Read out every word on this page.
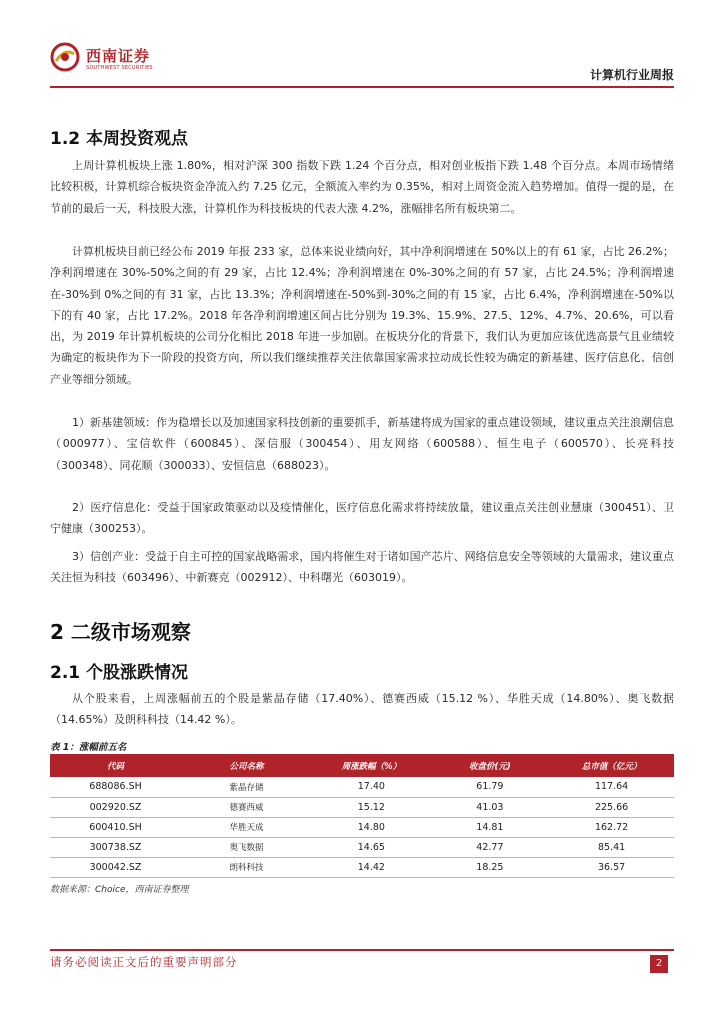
西南证券
SOUTHWEST SECURITIES	计算机行业周报
1.2 本周投资观点
上周计算机板块上涨 1.80%，相对沪深 300 指数下跌 1.24 个百分点，相对创业板指下跌 1.48 个百分点。本周市场情绪比较积极，计算机综合板块资金净流入约 7.25 亿元，全额流入率约为 0.35%，相对上周资金流入趋势增加。值得一提的是，在节前的最后一天，科技股大涨，计算机作为科技板块的代表大涨 4.2%，涨幅排名所有板块第二。
计算机板块目前已经公布 2019 年报 233 家，总体来说业绩向好，其中净利润增速在 50%以上的有 61 家，占比 26.2%；净利润增速在 30%-50%之间的有 29 家，占比 12.4%；净利润增速在 0%-30%之间的有 57 家，占比 24.5%；净利润增速在-30%到 0%之间的有 31 家，占比 13.3%；净利润增速在-50%到-30%之间的有 15 家，占比 6.4%，净利润增速在-50%以下的有 40 家，占比 17.2%。2018 年各净利润增速区间占比分别为 19.3%、15.9%、27.5、12%、4.7%、20.6%，可以看出，为 2019 年计算机板块的公司分化相比 2018 年进一步加剧。在板块分化的背景下，我们认为更加应该优选高景气且业绩较为确定的板块作为下一阶段的投资方向，所以我们继续推荐关注依靠国家需求拉动成长性较为确定的新基建、医疗信息化、信创产业等细分领域。
1）新基建领域：作为稳增长以及加速国家科技创新的重要抓手，新基建将成为国家的重点建设领域，建议重点关注浪潮信息（000977）、宝信软件（600845）、深信服（300454）、用友网络（600588）、恒生电子（600570）、长亮科技（300348）、同花顺（300033）、安恒信息（688023）。
2）医疗信息化：受益于国家政策驱动以及疫情催化，医疗信息化需求将持续放量，建议重点关注创业慧康（300451）、卫宁健康（300253）。
3）信创产业：受益于自主可控的国家战略需求，国内将催生对于诸如国产芯片、网络信息安全等领域的大量需求，建议重点关注恒为科技（603496）、中新赛克（002912）、中科曙光（603019）。
2 二级市场观察
2.1 个股涨跌情况
从个股来看，上周涨幅前五的个股是紫晶存储（17.40%）、德赛西威（15.12 %）、华胜天成（14.80%）、奥飞数据（14.65%）及朗科科技（14.42 %）。
表 1：涨幅前五名
代码	公司名称	周涨跌幅（%）	收盘价(元)	总市值（亿元）
688086.SH	紫晶存储	17.40	61.79	117.64
002920.SZ	德赛西威	15.12	41.03	225.66
600410.SH	华胜天成	14.80	14.81	162.72
300738.SZ	奥飞数据	14.65	42.77	85.41
300042.SZ	朗科科技	14.42	18.25	36.57
数据来源：Choice，西南证券整理
请务必阅读正文后的重要声明部分	2
